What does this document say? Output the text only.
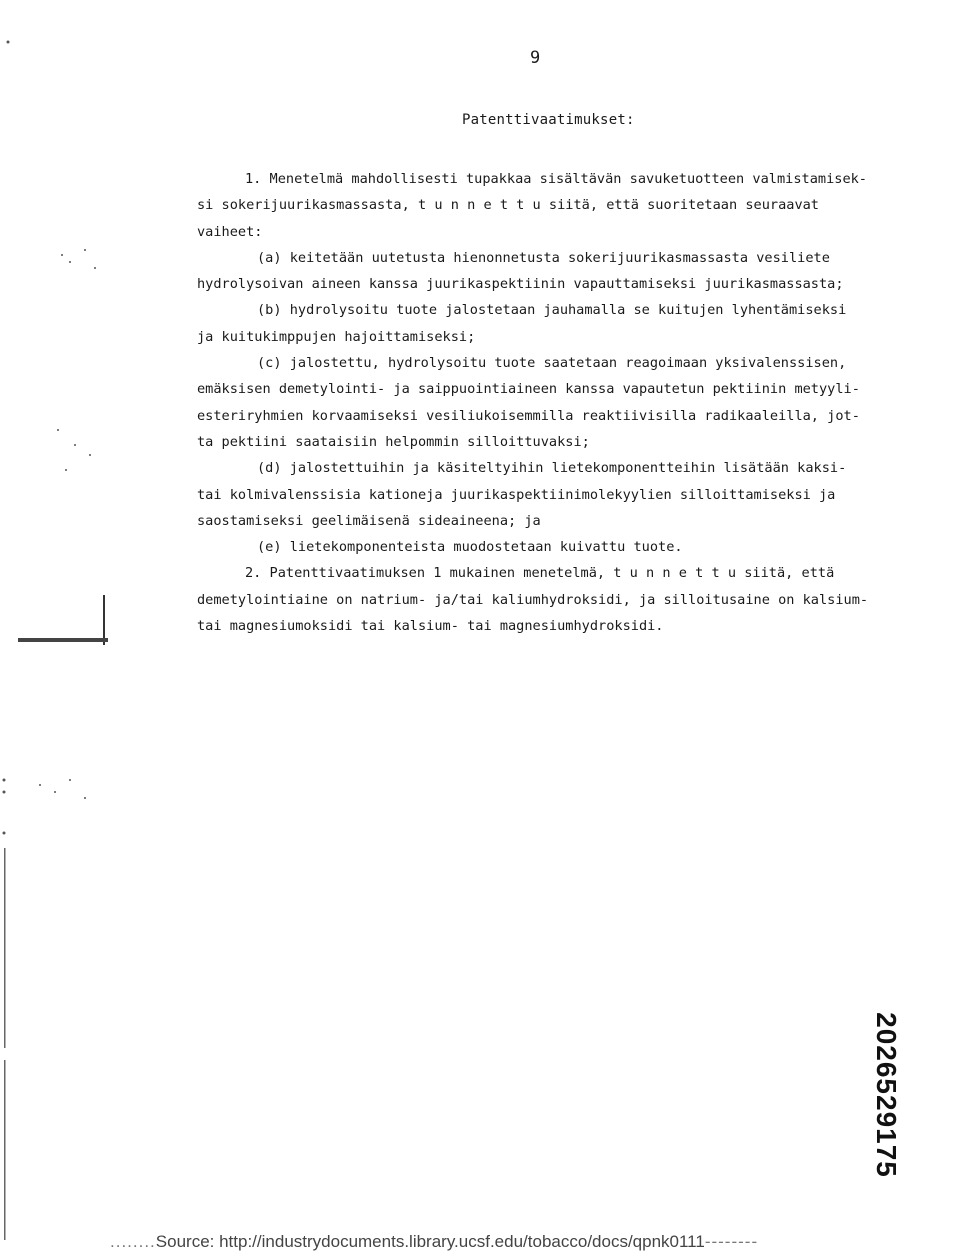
9
Patenttivaatimukset:
1. Menetelmä mahdollisesti tupakkaa sisältävän savuketuotteen valmistamisek-
si sokerijuurikasmassasta, t u n n e t t u siitä, että suoritetaan seuraavat
vaiheet:
(a) keitetään uutetusta hienonnetusta sokerijuurikasmassasta vesiliete
hydrolysoivan aineen kanssa juurikaspektiinin vapauttamiseksi juurikasmassasta;
(b) hydrolysoitu tuote jalostetaan jauhamalla se kuitujen lyhentämiseksi
ja kuitukimppujen hajoittamiseksi;
(c) jalostettu, hydrolysoitu tuote saatetaan reagoimaan yksivalenssisen,
emäksisen demetylointi- ja saippuointiaineen kanssa vapautetun pektiinin metyyli-
esteriryhmien korvaamiseksi vesiliukoisemmilla reaktiivisilla radikaaleilla, jot-
ta pektiini saataisiin helpommin silloittuvaksi;
(d) jalostettuihin ja käsiteltyihin lietekomponentteihin lisätään kaksi-
tai kolmivalenssisia kationeja juurikaspektiinimolekyylien silloittamiseksi ja
saostamiseksi geelimäisenä sideaineena; ja
(e) lietekomponenteista muodostetaan kuivattu tuote.
2. Patenttivaatimuksen 1 mukainen menetelmä, t u n n e t t u siitä, että
demetylointiaine on natrium- ja/tai kaliumhydroksidi, ja silloitusaine on kalsium-
tai magnesiumoksidi tai kalsium- tai magnesiumhydroksidi.
2026529175
........Source: http://industrydocuments.library.ucsf.edu/tobacco/docs/qpnk0111--------
